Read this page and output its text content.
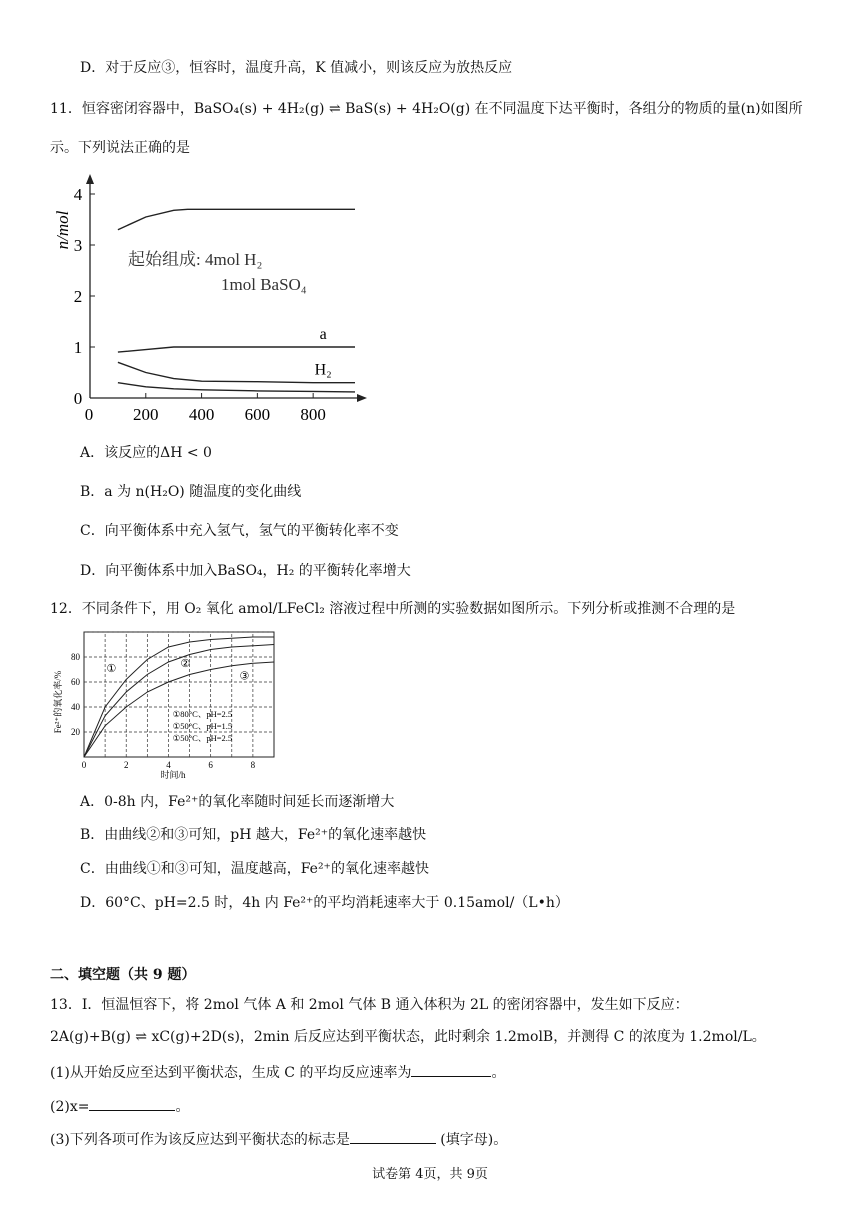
D．对于反应③，恒容时，温度升高，K 值减小，则该反应为放热反应
11．恒容密闭容器中，BaSO₄(s) + 4H₂(g) ⇌ BaS(s) + 4H₂O(g) 在不同温度下达平衡时，各组分的物质的量(n)如图所
示。下列说法正确的是
0
1
2
3
4
0 200 400 600 800
a
H₂
n/mol
起始组成: 4mol H₂
1mol BaSO₄
A．该反应的ΔH < 0
B．a 为 n(H₂O) 随温度的变化曲线
C．向平衡体系中充入氢气，氢气的平衡转化率不变
D．向平衡体系中加入BaSO₄，H₂ 的平衡转化率增大
12．不同条件下，用 O₂ 氧化 amol/LFeCl₂ 溶液过程中所测的实验数据如图所示。下列分析或推测不合理的是
20
40
60
80
0	2	4	6	8
①	②
③
①80°C、pH=2.5
①50°C、pH=1.5
①50°C、pH=2.5
Fe²⁺的氧化率/%
时间/h
A．0-8h 内，Fe²⁺的氧化率随时间延长而逐渐增大
B．由曲线②和③可知，pH 越大，Fe²⁺的氧化速率越快
C．由曲线①和③可知，温度越高，Fe²⁺的氧化速率越快
D．60°C、pH=2.5 时，4h 内 Fe²⁺的平均消耗速率大于 0.15amol/（L•h）
二、填空题（共 9 题）
13．I．恒温恒容下，将 2mol 气体 A 和 2mol 气体 B 通入体积为 2L 的密闭容器中，发生如下反应：
2A(g)+B(g) ⇌ xC(g)+2D(s)，2min 后反应达到平衡状态，此时剩余 1.2molB，并测得 C 的浓度为 1.2mol/L。
(1)从开始反应至达到平衡状态，生成 C 的平均反应速率为	。
(2)x=	。
(3)下列各项可作为该反应达到平衡状态的标志是	(填字母)。
试卷第 4页，共 9页
